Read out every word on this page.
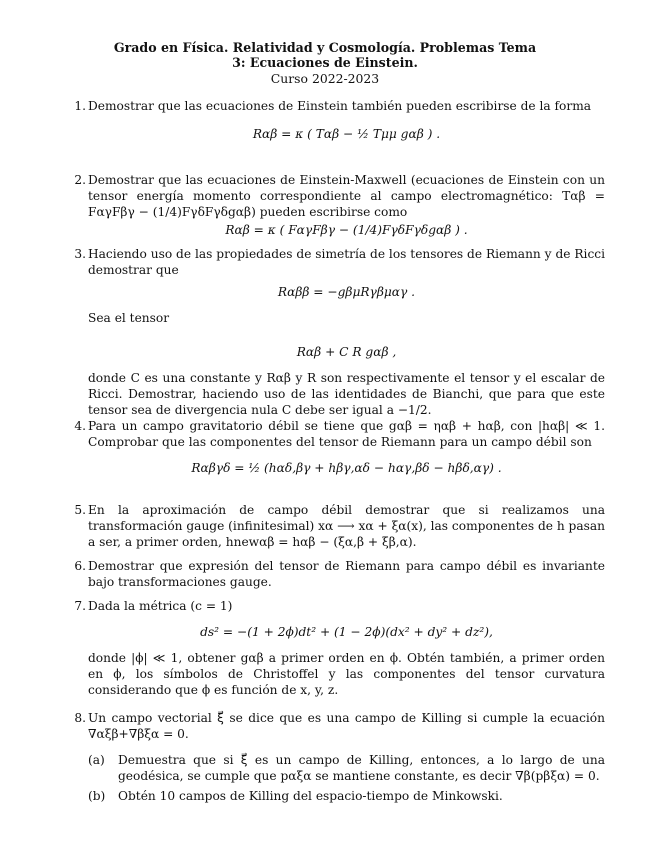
Grado en Física. Relatividad y Cosmología. Problemas Tema 3: Ecuaciones de Einstein.
Curso 2022-2023
1. Demostrar que las ecuaciones de Einstein también pueden escribirse de la forma
Rαβ = κ ( Tαβ − ½ Tμμ gαβ ) .
2. Demostrar que las ecuaciones de Einstein-Maxwell (ecuaciones de Einstein con un tensor energía momento correspondiente al campo electromagnético: Tαβ = FαγFβγ − (1/4)FγδFγδgαβ) pueden escribirse como
Rαβ = κ ( FαγFβγ − (1/4)FγδFγδgαβ ) .
3. Haciendo uso de las propiedades de simetría de los tensores de Riemann y de Ricci demostrar que
Rαββ = −gβμRγβμαγ .
Sea el tensor
Rαβ + C R gαβ ,
donde C es una constante y Rαβ y R son respectivamente el tensor y el escalar de Ricci. Demostrar, haciendo uso de las identidades de Bianchi, que para que este tensor sea de divergencia nula C debe ser igual a −1/2.
4. Para un campo gravitatorio débil se tiene que gαβ = ηαβ + hαβ, con |hαβ| ≪ 1. Comprobar que las componentes del tensor de Riemann para un campo débil son
Rαβγδ = ½ (hαδ,βγ + hβγ,αδ − hαγ,βδ − hβδ,αγ) .
5. En la aproximación de campo débil demostrar que si realizamos una transformación gauge (infinitesimal) xα ⟶ xα + ξα(x), las componentes de h pasan a ser, a primer orden, hnewαβ = hαβ − (ξα,β + ξβ,α).
6. Demostrar que expresión del tensor de Riemann para campo débil es invariante bajo transformaciones gauge.
7. Dada la métrica (c = 1)
ds² = −(1 + 2ϕ)dt² + (1 − 2ϕ)(dx² + dy² + dz²),
donde |ϕ| ≪ 1, obtener gαβ a primer orden en ϕ. Obtén también, a primer orden en ϕ, los símbolos de Christoffel y las componentes del tensor curvatura considerando que ϕ es función de x, y, z.
8. Un campo vectorial ξ⃗ se dice que es una campo de Killing si cumple la ecuación ∇αξβ+∇βξα = 0.
(a) Demuestra que si ξ⃗ es un campo de Killing, entonces, a lo largo de una geodésica, se cumple que pαξα se mantiene constante, es decir ∇β(pβξα) = 0.
(b) Obtén 10 campos de Killing del espacio-tiempo de Minkowski.
